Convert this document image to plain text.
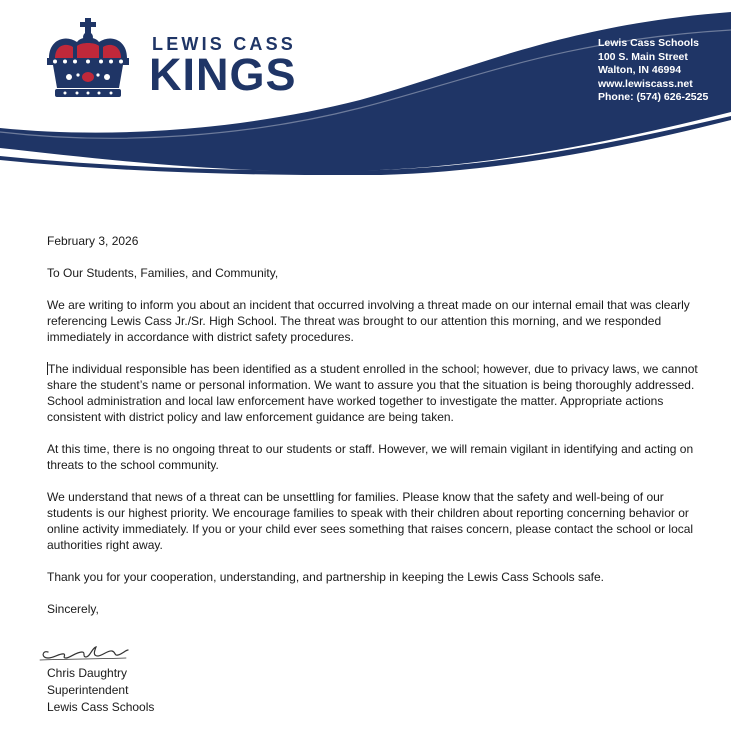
LEWIS CASS
KINGS
Lewis Cass Schools
100 S. Main Street
Walton, IN 46994
www.lewiscass.net
Phone: (574) 626-2525

February 3, 2026

To Our Students, Families, and Community,

We are writing to inform you about an incident that occurred involving a threat made on our internal email that was clearly referencing Lewis Cass Jr./Sr. High School. The threat was brought to our attention this morning, and we responded immediately in accordance with district safety procedures.

The individual responsible has been identified as a student enrolled in the school; however, due to privacy laws, we cannot share the student’s name or personal information. We want to assure you that the situation is being thoroughly addressed. School administration and local law enforcement have worked together to investigate the matter. Appropriate actions consistent with district policy and law enforcement guidance are being taken.

At this time, there is no ongoing threat to our students or staff. However, we will remain vigilant in identifying and acting on threats to the school community.

We understand that news of a threat can be unsettling for families. Please know that the safety and well-being of our students is our highest priority. We encourage families to speak with their children about reporting concerning behavior or online activity immediately. If you or your child ever sees something that raises concern, please contact the school or local authorities right away.

Thank you for your cooperation, understanding, and partnership in keeping the Lewis Cass Schools safe.

Sincerely,

Chris Daughtry
Superintendent
Lewis Cass Schools
